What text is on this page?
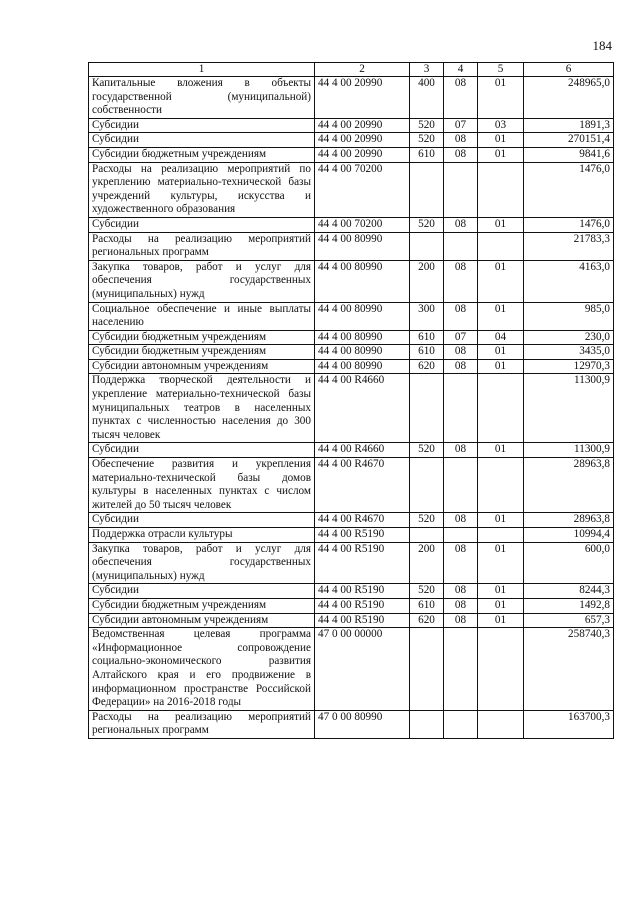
184
1	2	3	4	5	6
Капитальные вложения в объекты государственной (муниципальной) собственности	44 4 00 20990	400	08	01	248965,0
Субсидии	44 4 00 20990	520	07	03	1891,3
Субсидии	44 4 00 20990	520	08	01	270151,4
Субсидии бюджетным учреждениям	44 4 00 20990	610	08	01	9841,6
Расходы на реализацию мероприятий по укреплению материально-технической базы учреждений культуры, искусства и художественного образования	44 4 00 70200				1476,0
Субсидии	44 4 00 70200	520	08	01	1476,0
Расходы на реализацию мероприятий региональных программ	44 4 00 80990				21783,3
Закупка товаров, работ и услуг для обеспечения государственных (муниципальных) нужд	44 4 00 80990	200	08	01	4163,0
Социальное обеспечение и иные выплаты населению	44 4 00 80990	300	08	01	985,0
Субсидии бюджетным учреждениям	44 4 00 80990	610	07	04	230,0
Субсидии бюджетным учреждениям	44 4 00 80990	610	08	01	3435,0
Субсидии автономным учреждениям	44 4 00 80990	620	08	01	12970,3
Поддержка творческой деятельности и укрепление материально-технической базы муниципальных театров в населенных пунктах с численностью населения до 300 тысяч человек	44 4 00 R4660				11300,9
Субсидии	44 4 00 R4660	520	08	01	11300,9
Обеспечение развития и укрепления материально-технической базы домов культуры в населенных пунктах с числом жителей до 50 тысяч человек	44 4 00 R4670				28963,8
Субсидии	44 4 00 R4670	520	08	01	28963,8
Поддержка отрасли культуры	44 4 00 R5190				10994,4
Закупка товаров, работ и услуг для обеспечения государственных (муниципальных) нужд	44 4 00 R5190	200	08	01	600,0
Субсидии	44 4 00 R5190	520	08	01	8244,3
Субсидии бюджетным учреждениям	44 4 00 R5190	610	08	01	1492,8
Субсидии автономным учреждениям	44 4 00 R5190	620	08	01	657,3
Ведомственная целевая программа «Информационное сопровождение социально-экономического развития Алтайского края и его продвижение в информационном пространстве Российской Федерации» на 2016-2018 годы	47 0 00 00000				258740,3
Расходы на реализацию мероприятий региональных программ	47 0 00 80990				163700,3
